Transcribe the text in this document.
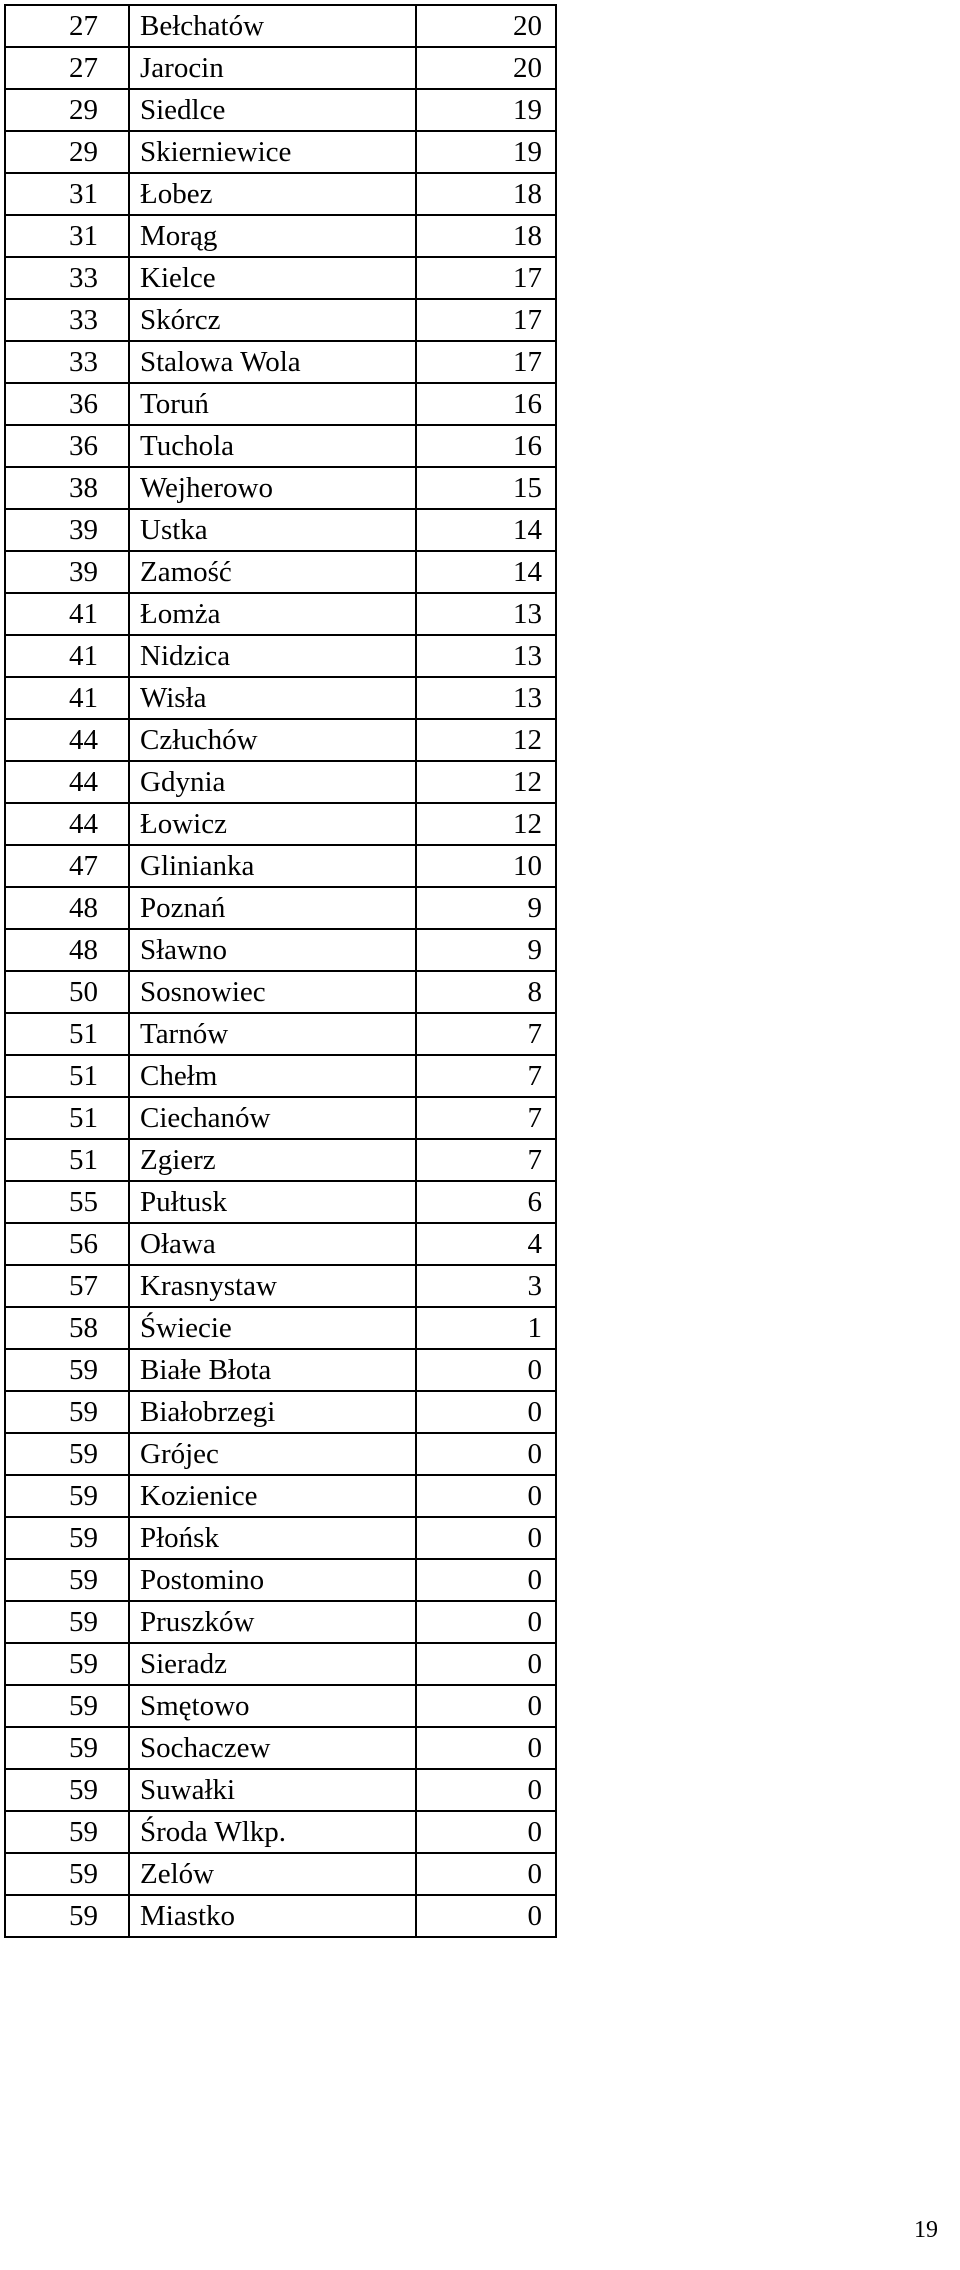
27	Bełchatów	20
27	Jarocin	20
29	Siedlce	19
29	Skierniewice	19
31	Łobez	18
31	Morąg	18
33	Kielce	17
33	Skórcz	17
33	Stalowa Wola	17
36	Toruń	16
36	Tuchola	16
38	Wejherowo	15
39	Ustka	14
39	Zamość	14
41	Łomża	13
41	Nidzica	13
41	Wisła	13
44	Człuchów	12
44	Gdynia	12
44	Łowicz	12
47	Glinianka	10
48	Poznań	9
48	Sławno	9
50	Sosnowiec	8
51	Tarnów	7
51	Chełm	7
51	Ciechanów	7
51	Zgierz	7
55	Pułtusk	6
56	Oława	4
57	Krasnystaw	3
58	Świecie	1
59	Białe Błota	0
59	Białobrzegi	0
59	Grójec	0
59	Kozienice	0
59	Płońsk	0
59	Postomino	0
59	Pruszków	0
59	Sieradz	0
59	Smętowo	0
59	Sochaczew	0
59	Suwałki	0
59	Środa Wlkp.	0
59	Zelów	0
59	Miastko	0
19
